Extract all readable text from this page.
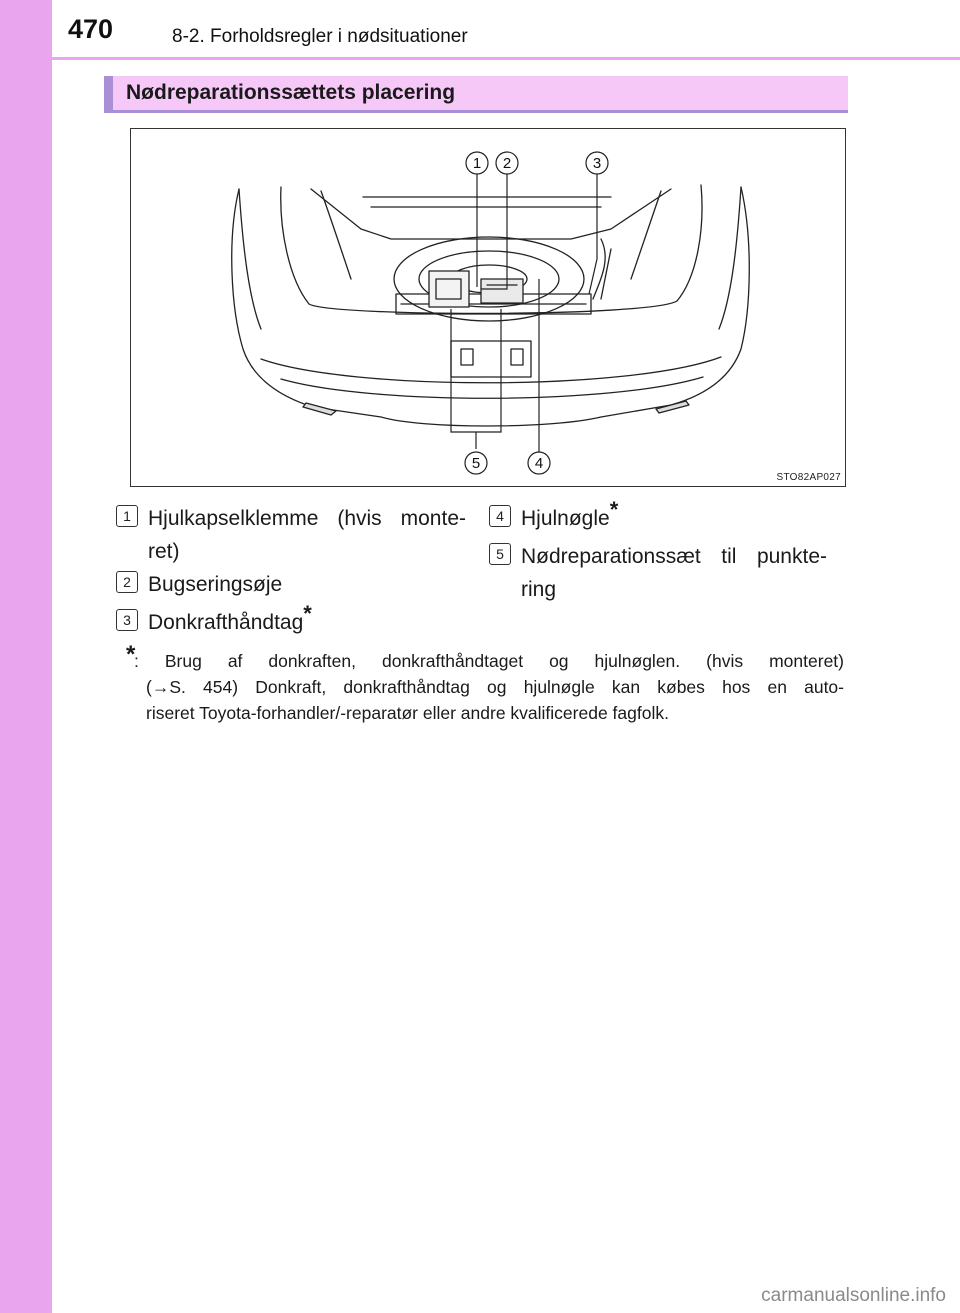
470	8-2. Forholdsregler i nødsituationer
Nødreparationssættets placering
1 2	3
4
5
STO82AP027
1 Hjulkapselklemme (hvis monte-
ret)
2 Bugseringsøje
3 Donkrafthåndtag*
4 Hjulnøgle*
5 Nødreparationssæt til punkte-
ring
*
: Brug af donkraften, donkrafthåndtaget og hjulnøglen. (hvis monteret)
(→S. 454) Donkraft, donkrafthåndtag og hjulnøgle kan købes hos en auto-
riseret Toyota-forhandler/-reparatør eller andre kvalificerede fagfolk.
carmanualsonline.info
